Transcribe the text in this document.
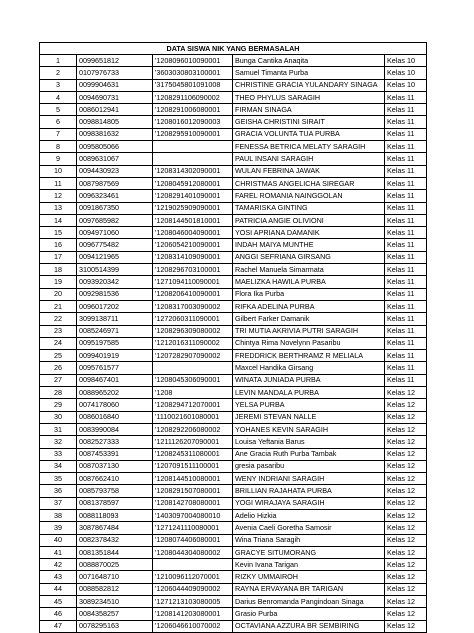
DATA SISWA NIK YANG BERMASALAH				
1	0099651812	'1208096010090001	Bunga Cantika Anaqita	Kelas 10
2	0107976733	'3603030803100001	Samuel Timanta Purba	Kelas 10
3	0099904631	'3175045801091008	CHRISTINE GRACIA YULANDARY SINAGA	Kelas 10
4	0094690731	'1208291106090002	THEO PHYLUS SARAGIH	Kelas 11
5	0086012941	'1208291006080001	FIRMAN SINAGA	Kelas 11
6	0098814805	'1208016012090003	GEISHA CHRISTINI SIRAIT	Kelas 11
7	0098381632	'1208295910090001	GRACIA VOLUNTA TUA PURBA	Kelas 11
8	0095805066		FENESSA BETRICA MELATY SARAGIH	Kelas 11
9	0089631067		PAUL INSANI SARAGIH	Kelas 11
10	0094430923	'1208314302090001	WULAN FEBRINA JAWAK	Kelas 11
11	0087987569	'1208045912080001	CHRISTMAS ANGELICHA SIREGAR	Kelas 11
12	0096323461	'1208291401090001	FAREL ROMANIA NAINGGOLAN	Kelas 11
13	0091867350	'1219025909090001	TAMARISKA GINTING	Kelas 11
14	0097685982	'1208144501810001	PATRICIA ANGIE OLIVIONI	Kelas 11
15	0094971060	'1208046004090001	YOSI APRIANA DAMANIK	Kelas 11
16	0096775482	'1206054210090001	INDAH MAIYA MUNTHE	Kelas 11
17	0094121965	'1208314109090001	ANGGI SEFRIANA GIRSANG	Kelas 11
18	3100514399	'1208296703100001	Rachel Manuela Simarmata	Kelas 11
19	0093920342	'1271094110090001	MAELIZKA HAWILA PURBA	Kelas 11
20	0092981536	'1208206410090001	Flora Ika Purba	Kelas 11
21	0096017202	'1208317003090002	RIFKA ADELINA PURBA	Kelas 11
22	3099138711	'1272060311090001	Gilbert Farker Damanik	Kelas 11
23	0085246971	'1208296309080002	TRI MUTIA AKRIVIA PUTRI SARAGIH	Kelas 11
24	0095197585	'1212016311090002	Chintya Rima Novelynn Pasaribu	Kelas 11
25	0099401919	'1207282907090002	FREDDRICK BERTHRAMZ R MELIALA	Kelas 11
26	0095761577		Maxcel Handika Girsang	Kelas 11
27	0098467401	'1208045306090001	WINATA JUNIADA PURBA	Kelas 11
28	0088965202	'1208	LEVIN MANDALA PURBA	Kelas 12
29	0074178060	'1208294712070001	YELSA PURBA	Kelas 12
30	0086016840	'1110021601080001	JEREMI STEVAN NALLE	Kelas 12
31	0083990084	'1208292206080002	YOHANES KEVIN SARAGIH	Kelas 12
32	0082527333	'1211126207090001	Louisa Yeftania Barus	Kelas 12
33	0087453391	'1208245311080001	Ane Gracia Ruth Purba Tambak	Kelas 12
34	0087037130	'1207091511100001	gresia pasaribu	Kelas 12
35	0087662410	'1208144510080001	WENY INDRIANI SARAGIH	Kelas 12
36	0085793758	'1208291507080001	BRILLIAN RAJAHATA PURBA	Kelas 12
37	0081378597	'1208142708080001	YOGI WIRAJAYA SARAGIH	Kelas 12
38	0088118093	'1403097004080010	Adelio Hizkia	Kelas 12
39	3087867484	'1271241110080001	Avenia Caeli Goretha Samosir	Kelas 12
40	0082378432	'1208074406080001	Wina Triana Saragih	Kelas 12
41	0081351844	'1208044304080002	GRACYE SITUMORANG	Kelas 12
42	0088870025		Kevin Ivana Tarigan	Kelas 12
43	0071648710	'1210096112070001	RIZKY UMMAIROH	Kelas 12
44	0088582812	'1206044409090002	RAYNA ERVAYANA BR TARIGAN	Kelas 12
45	3089234510	'1271213103080005	Darius Benromanda Pangindoan Sinaga	Kelas 12
46	0084358257	'1208141203080001	Grasio Purba	Kelas 12
47	0078295163	'1206046610070002	OCTAVIANA AZZURA BR SEMBIRING	Kelas 12
